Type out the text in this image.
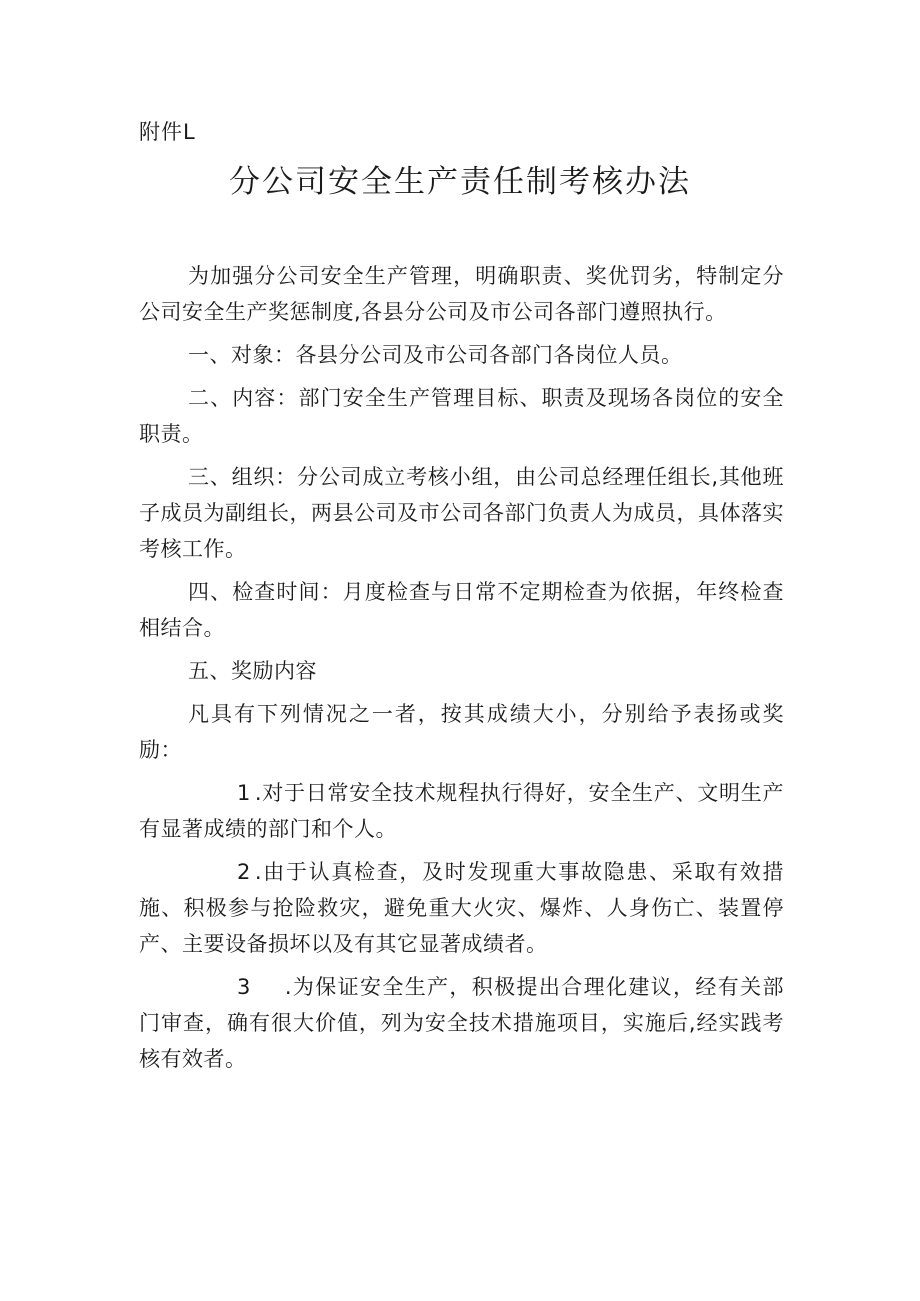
附件L
分公司安全生产责任制考核办法

为加强分公司安全生产管理，明确职责、奖优罚劣，特制定分公司安全生产奖惩制度,各县分公司及市公司各部门遵照执行。

一、对象：各县分公司及市公司各部门各岗位人员。

二、内容：部门安全生产管理目标、职责及现场各岗位的安全职责。

三、组织：分公司成立考核小组，由公司总经理任组长,其他班子成员为副组长，两县公司及市公司各部门负责人为成员，具体落实考核工作。

四、检查时间：月度检查与日常不定期检查为依据，年终检查相结合。

五、奖励内容

凡具有下列情况之一者，按其成绩大小，分别给予表扬或奖励：

1 .对于日常安全技术规程执行得好，安全生产、文明生产有显著成绩的部门和个人。

2 .由于认真检查，及时发现重大事故隐患、采取有效措施、积极参与抢险救灾，避免重大火灾、爆炸、人身伤亡、装置停产、主要设备损坏以及有其它显著成绩者。

3 .为保证安全生产，积极提出合理化建议，经有关部门审查，确有很大价值，列为安全技术措施项目，实施后,经实践考核有效者。
